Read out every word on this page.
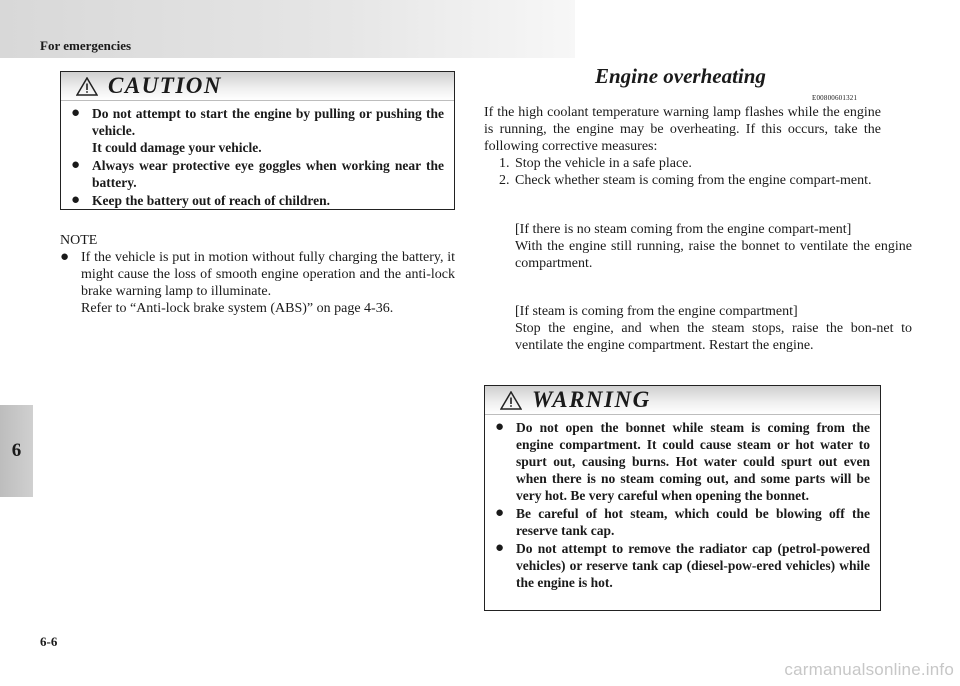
For emergencies
6
CAUTION
● Do not attempt to start the engine by pulling or pushing the vehicle.
It could damage your vehicle.
● Always wear protective eye goggles when working near the battery.
● Keep the battery out of reach of children.
NOTE
● If the vehicle is put in motion without fully charging the battery, it might cause the loss of smooth engine operation and the anti-lock brake warning lamp to illuminate.
Refer to “Anti-lock brake system (ABS)” on page 4-36.
Engine overheating
E00800601321
If the high coolant temperature warning lamp flashes while the engine is running, the engine may be overheating. If this occurs, take the following corrective measures:
1. Stop the vehicle in a safe place.
2. Check whether steam is coming from the engine compart-ment.
[If there is no steam coming from the engine compart-ment]
With the engine still running, raise the bonnet to ventilate the engine compartment.
[If steam is coming from the engine compartment]
Stop the engine, and when the steam stops, raise the bon-net to ventilate the engine compartment. Restart the engine.
WARNING
● Do not open the bonnet while steam is coming from the engine compartment. It could cause steam or hot water to spurt out, causing burns. Hot water could spurt out even when there is no steam coming out, and some parts will be very hot. Be very careful when opening the bonnet.
● Be careful of hot steam, which could be blowing off the reserve tank cap.
● Do not attempt to remove the radiator cap (petrol-powered vehicles) or reserve tank cap (diesel-pow-ered vehicles) while the engine is hot.
6-6
carmanualsonline.info
